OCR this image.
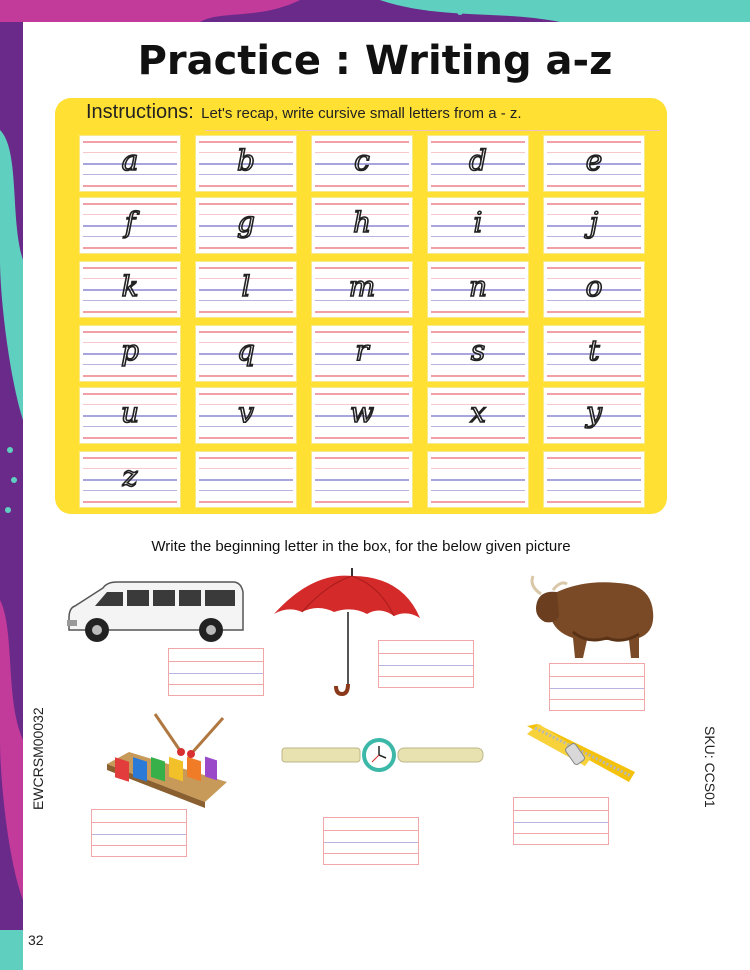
Practice : Writing a-z
Instructions: Let's recap, write cursive small letters from a - z.
a	b	c	d	e
f	g	h	i	j
k	l	m	n	o
p	q	r	s	t
u	v	w	x	y
z
Write the beginning letter in the box, for the below given picture
EWCRSM00032	SKU: CCS01
32
